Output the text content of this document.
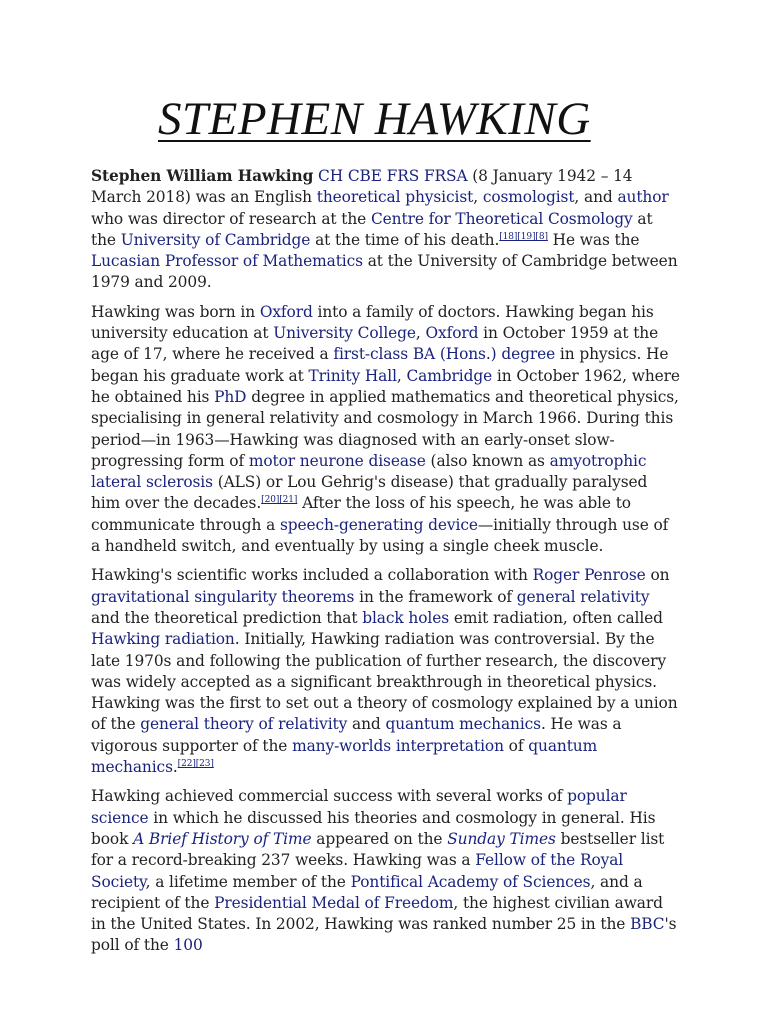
STEPHEN HAWKING

Stephen William Hawking CH CBE FRS FRSA (8 January 1942 – 14 March 2018) was an English theoretical physicist, cosmologist, and author who was director of research at the Centre for Theoretical Cosmology at the University of Cambridge at the time of his death.[18][19][8] He was the Lucasian Professor of Mathematics at the University of Cambridge between 1979 and 2009.

Hawking was born in Oxford into a family of doctors. Hawking began his university education at University College, Oxford in October 1959 at the age of 17, where he received a first-class BA (Hons.) degree in physics. He began his graduate work at Trinity Hall, Cambridge in October 1962, where he obtained his PhD degree in applied mathematics and theoretical physics, specialising in general relativity and cosmology in March 1966. During this period—in 1963—Hawking was diagnosed with an early-onset slow-progressing form of motor neurone disease (also known as amyotrophic lateral sclerosis (ALS) or Lou Gehrig's disease) that gradually paralysed him over the decades.[20][21] After the loss of his speech, he was able to communicate through a speech-generating device—initially through use of a handheld switch, and eventually by using a single cheek muscle.

Hawking's scientific works included a collaboration with Roger Penrose on gravitational singularity theorems in the framework of general relativity and the theoretical prediction that black holes emit radiation, often called Hawking radiation. Initially, Hawking radiation was controversial. By the late 1970s and following the publication of further research, the discovery was widely accepted as a significant breakthrough in theoretical physics. Hawking was the first to set out a theory of cosmology explained by a union of the general theory of relativity and quantum mechanics. He was a vigorous supporter of the many-worlds interpretation of quantum mechanics.[22][23]

Hawking achieved commercial success with several works of popular science in which he discussed his theories and cosmology in general. His book A Brief History of Time appeared on the Sunday Times bestseller list for a record-breaking 237 weeks. Hawking was a Fellow of the Royal Society, a lifetime member of the Pontifical Academy of Sciences, and a recipient of the Presidential Medal of Freedom, the highest civilian award in the United States. In 2002, Hawking was ranked number 25 in the BBC's poll of the 100
